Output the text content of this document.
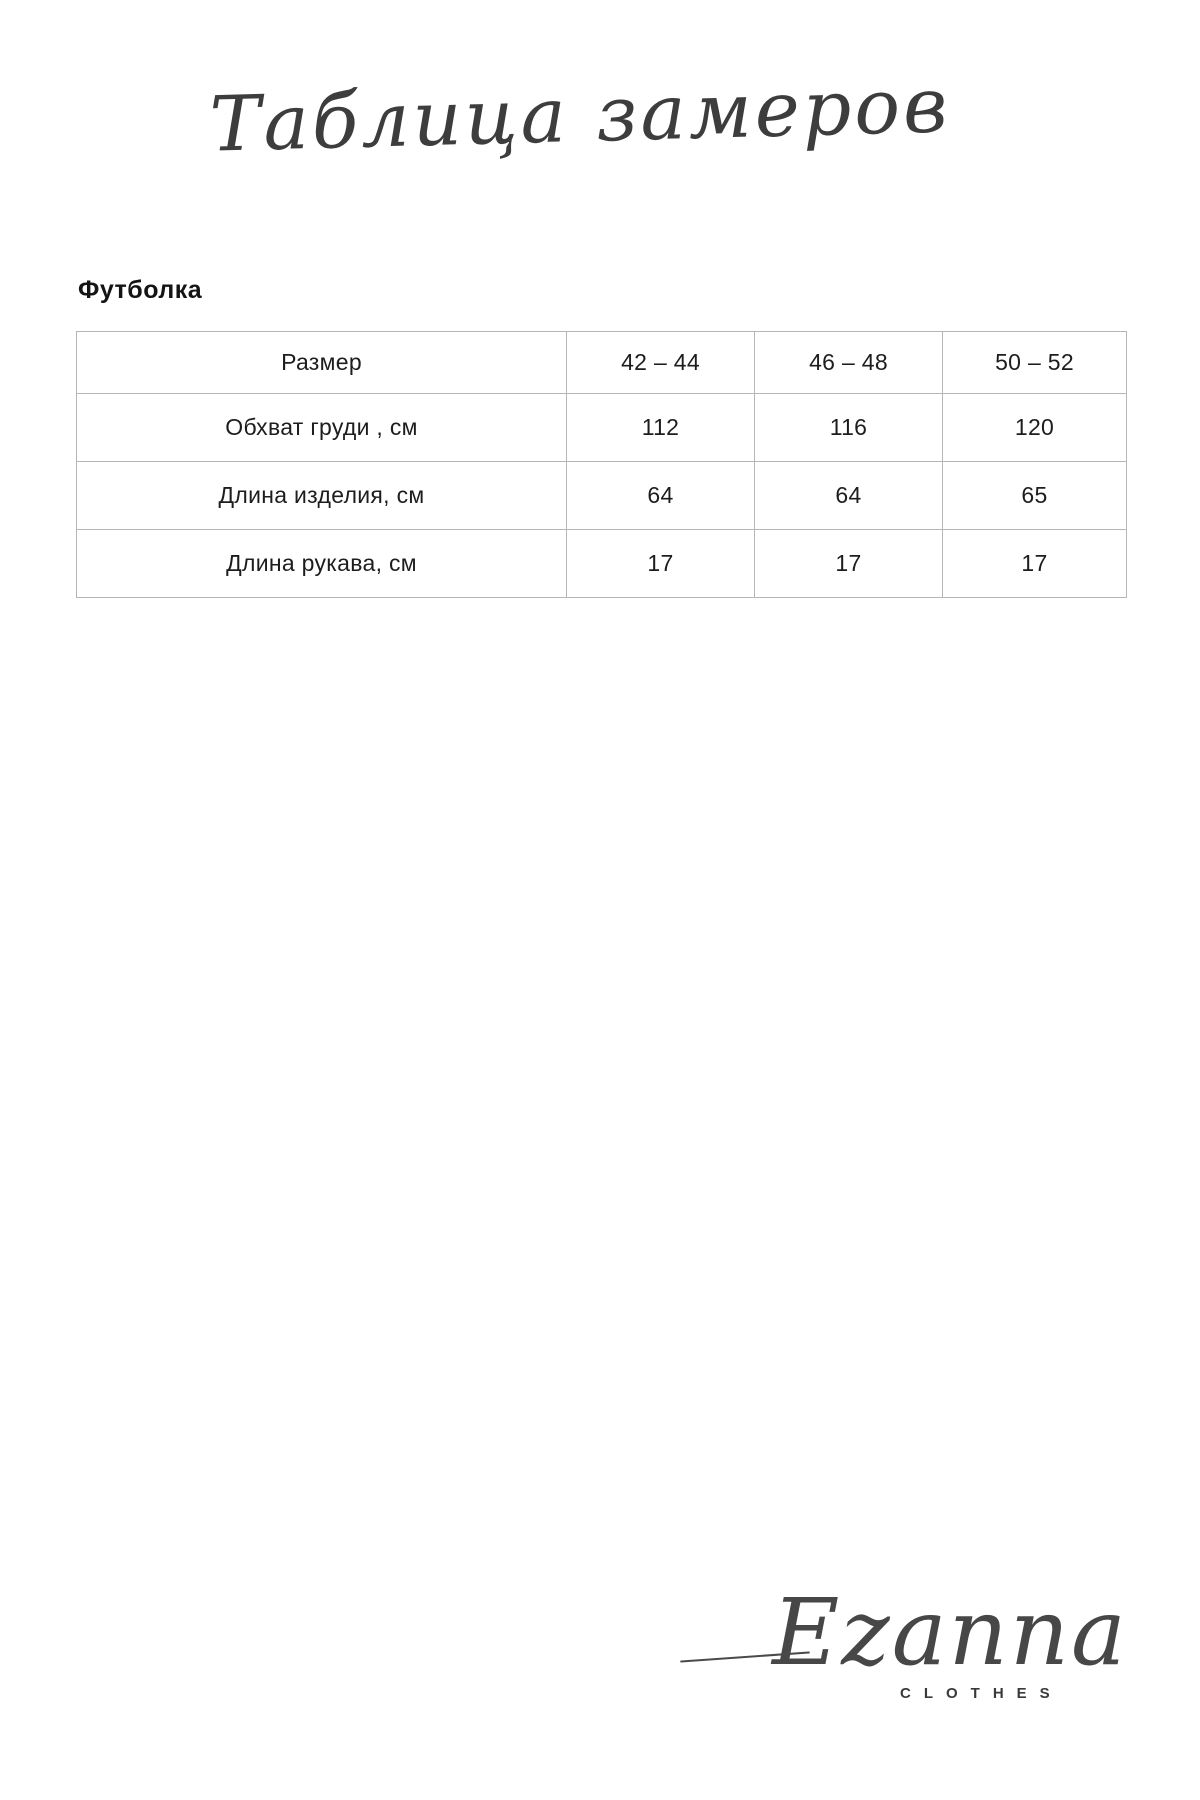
Таблица замеров
Футболка
Размер	42 – 44	46 – 48	50 – 52
Обхват груди , см	112	116	120
Длина изделия, см	64	64	65
Длина рукава, см	17	17	17
Ezanna
CLOTHES
